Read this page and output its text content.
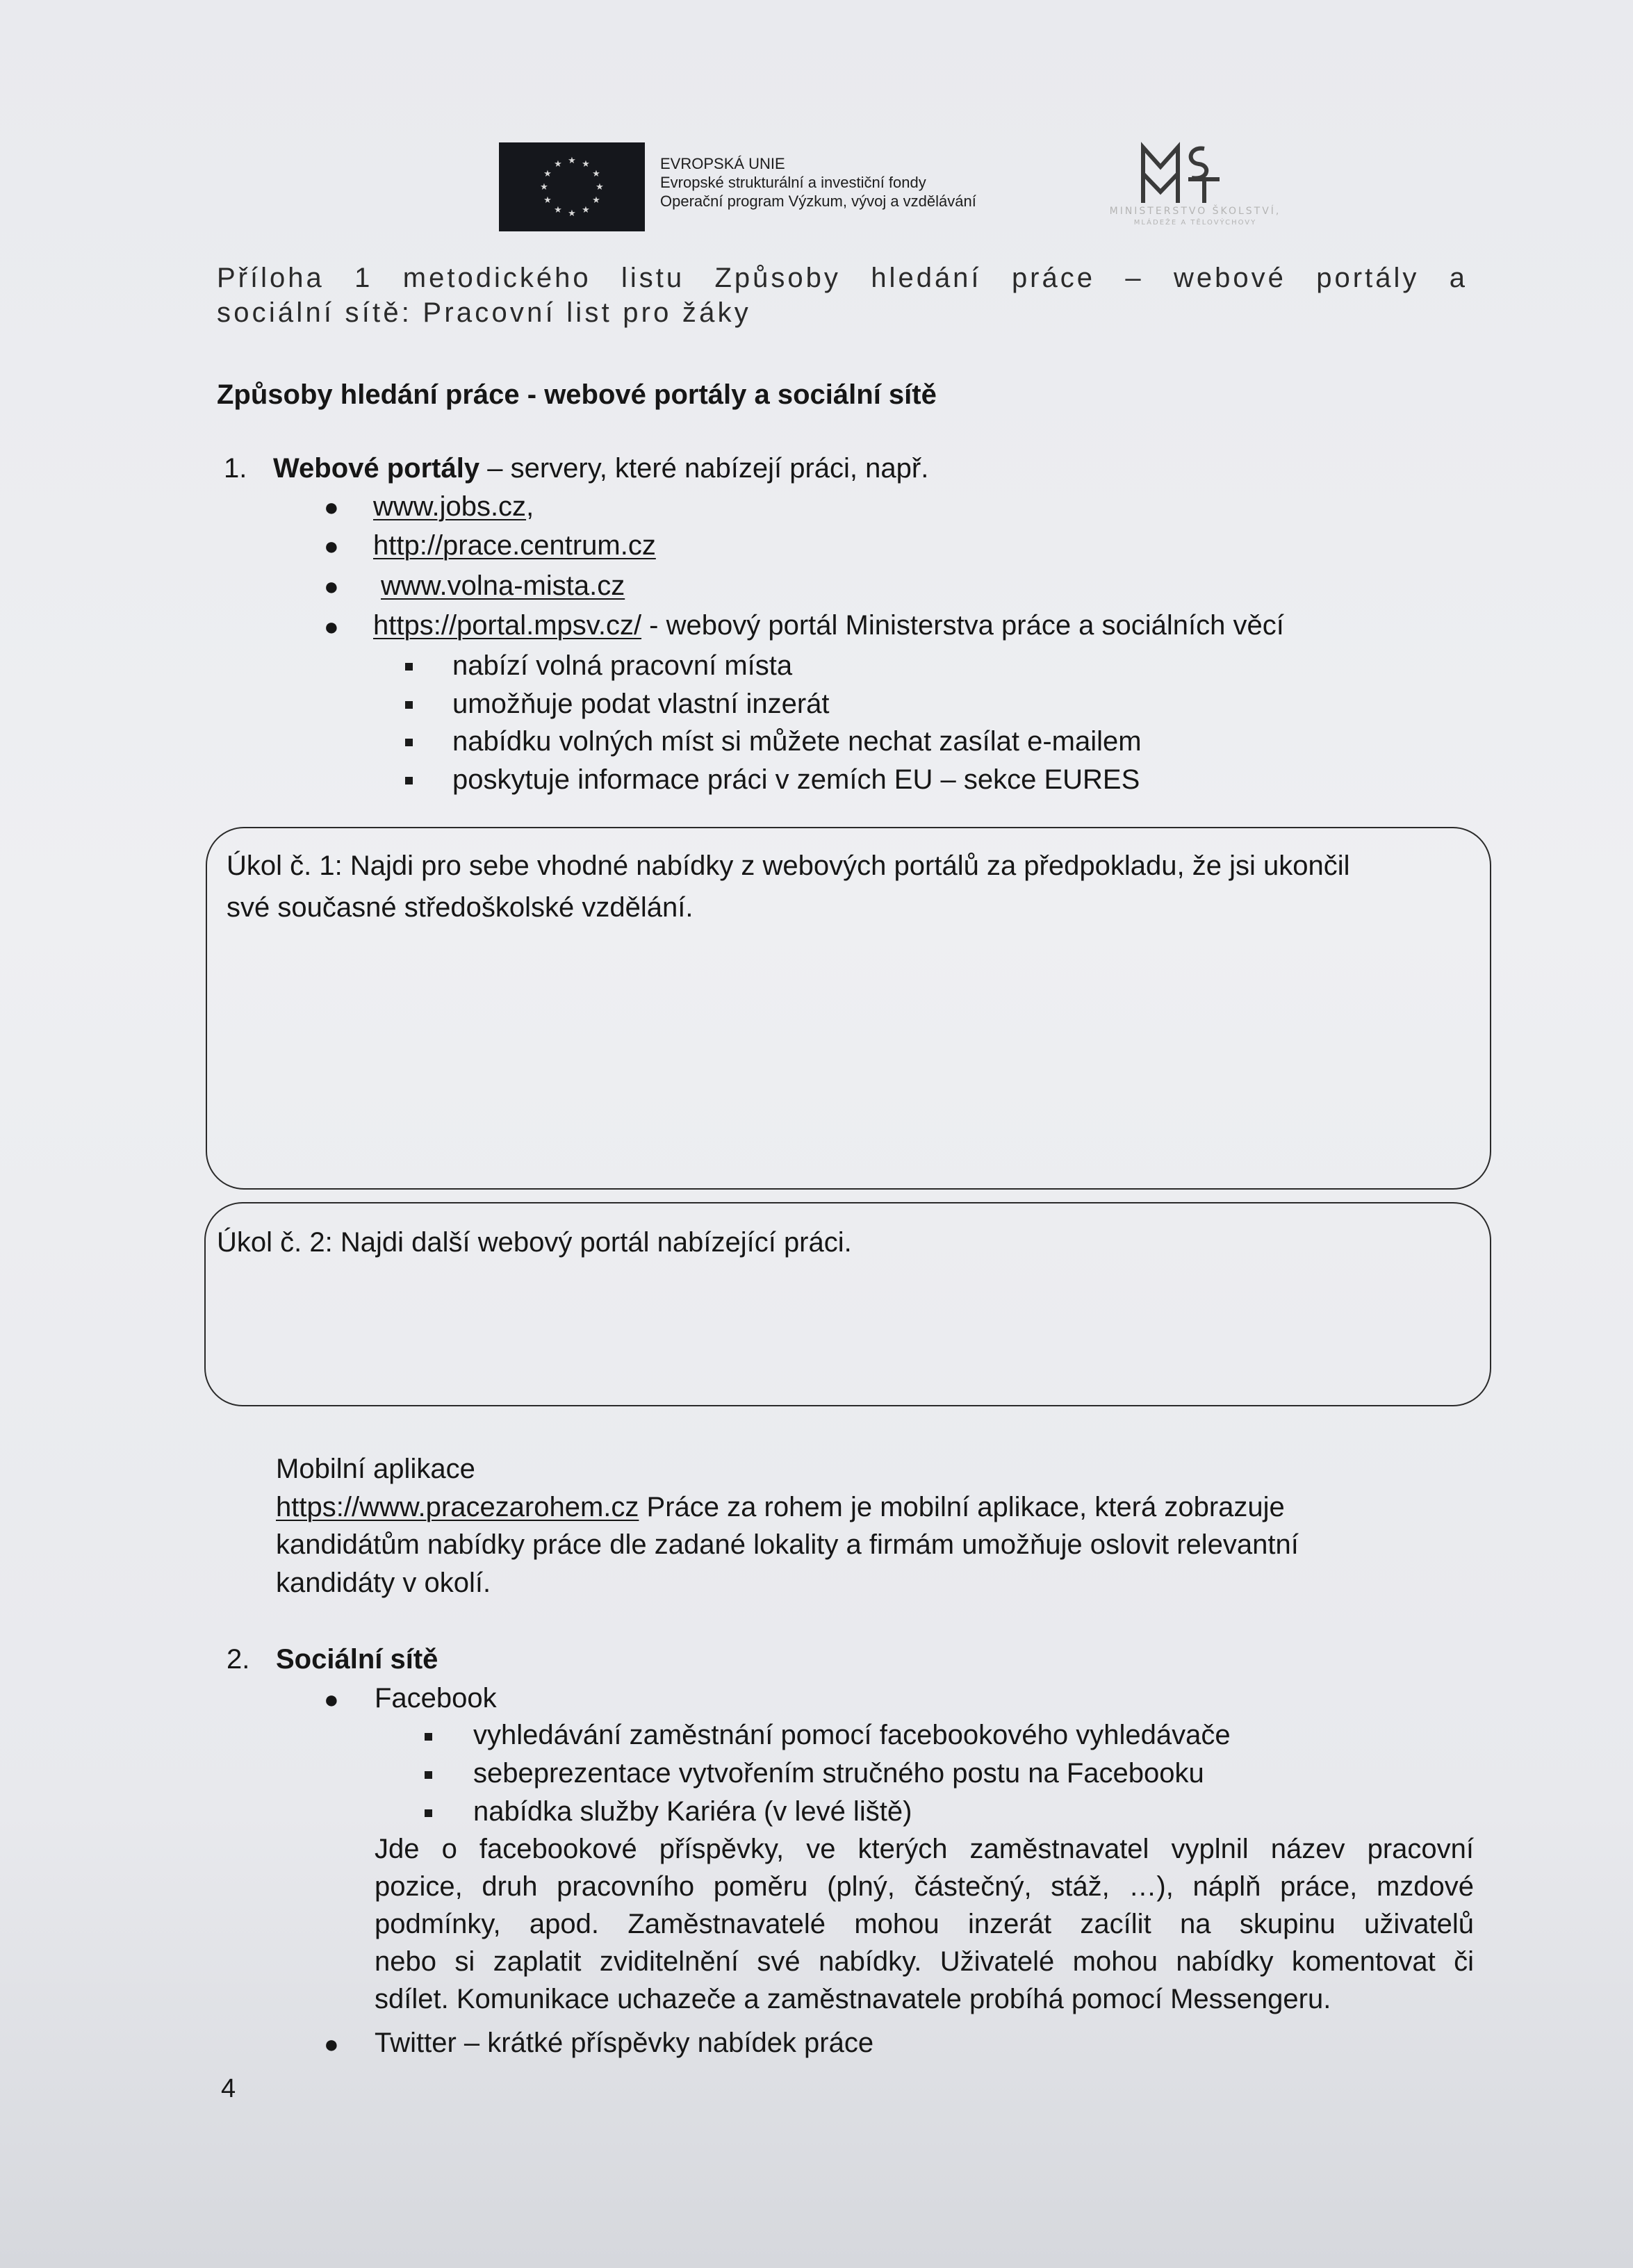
★ ★
★
★
★
★
★
★
★
★
★
★	EVROPSKÁ UNIE
Evropské strukturální a investiční fondy
Operační program Výzkum, vývoj a vzdělávání
MINISTERSTVO ŠKOLSTVÍ,
MLÁDEŽE A TĚLOVÝCHOVY
Příloha 1 metodického listu Způsoby hledání práce – webové portály a
sociální sítě: Pracovní list pro žáky
Způsoby hledání práce - webové portály a sociální sítě
1. Webové portály – servery, které nabízejí práci, např.
● www.jobs.cz,
● http://prace.centrum.cz
● www.volna-mista.cz
● https://portal.mpsv.cz/ - webový portál Ministerstva práce a sociálních věcí
nabízí volná pracovní místa
umožňuje podat vlastní inzerát
nabídku volných míst si můžete nechat zasílat e-mailem
poskytuje informace práci v zemích EU – sekce EURES
Úkol č. 1: Najdi pro sebe vhodné nabídky z webových portálů za předpokladu, že jsi ukončil
své současné středoškolské vzdělání.
Úkol č. 2: Najdi další webový portál nabízející práci.
Mobilní aplikace
https://www.pracezarohem.cz Práce za rohem je mobilní aplikace, která zobrazuje
kandidátům nabídky práce dle zadané lokality a firmám umožňuje oslovit relevantní
kandidáty v okolí.
2. Sociální sítě
● Facebook
vyhledávání zaměstnání pomocí facebookového vyhledávače
sebeprezentace vytvořením stručného postu na Facebooku
nabídka služby Kariéra (v levé liště)
Jde o facebookové příspěvky, ve kterých zaměstnavatel vyplnil název pracovní
pozice, druh pracovního poměru (plný, částečný, stáž, …), náplň práce, mzdové
podmínky, apod. Zaměstnavatelé mohou inzerát zacílit na skupinu uživatelů
nebo si zaplatit zviditelnění své nabídky. Uživatelé mohou nabídky komentovat či
sdílet. Komunikace uchazeče a zaměstnavatele probíhá pomocí Messengeru.
● Twitter – krátké příspěvky nabídek práce
4
